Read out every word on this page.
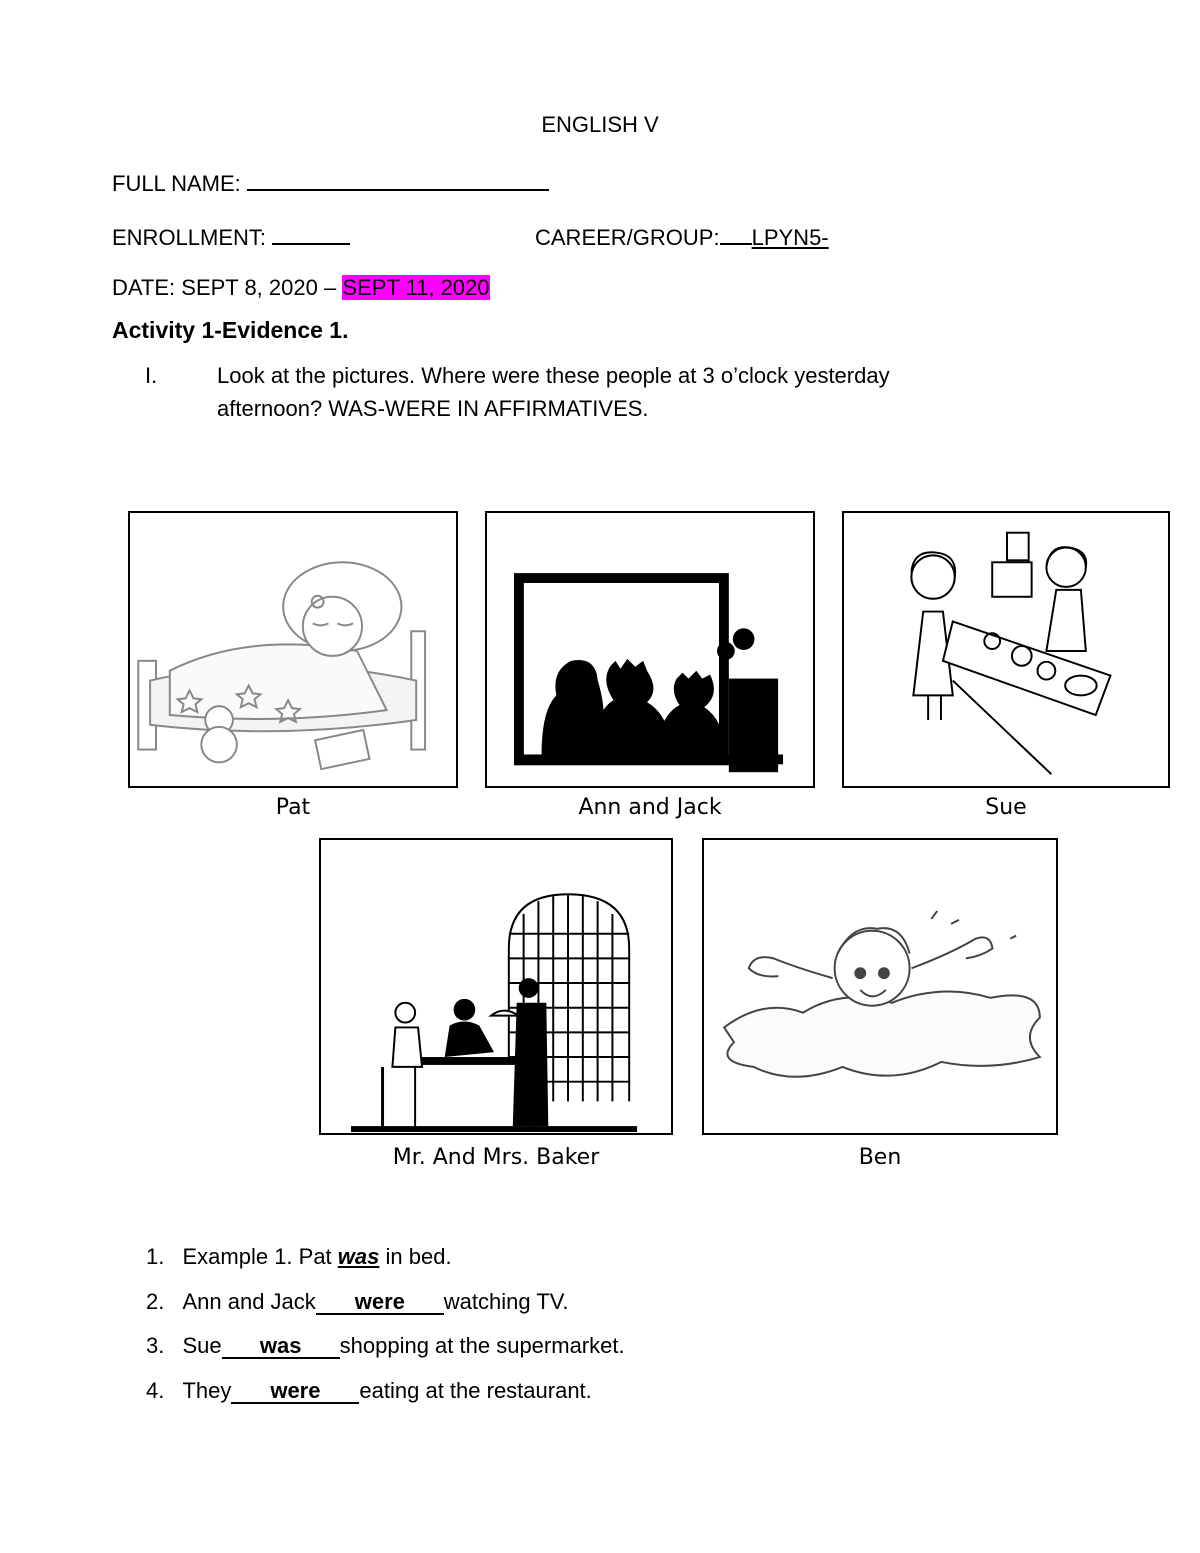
ENGLISH V
FULL NAME:
ENROLLMENT:	CAREER/GROUP: LPYN5-
DATE: SEPT 8, 2020 – SEPT 11, 2020
Activity 1-Evidence 1.
I.	Look at the pictures. Where were these people at 3 o’clock yesterday
afternoon? WAS-WERE IN AFFIRMATIVES.
Pat	Ann and Jack	Sue
Mr. And Mrs. Baker	Ben
1. Example 1. Pat was in bed.
2. Ann and Jack were watching TV.
3. Sue was shopping at the supermarket.
4. They were eating at the restaurant.
